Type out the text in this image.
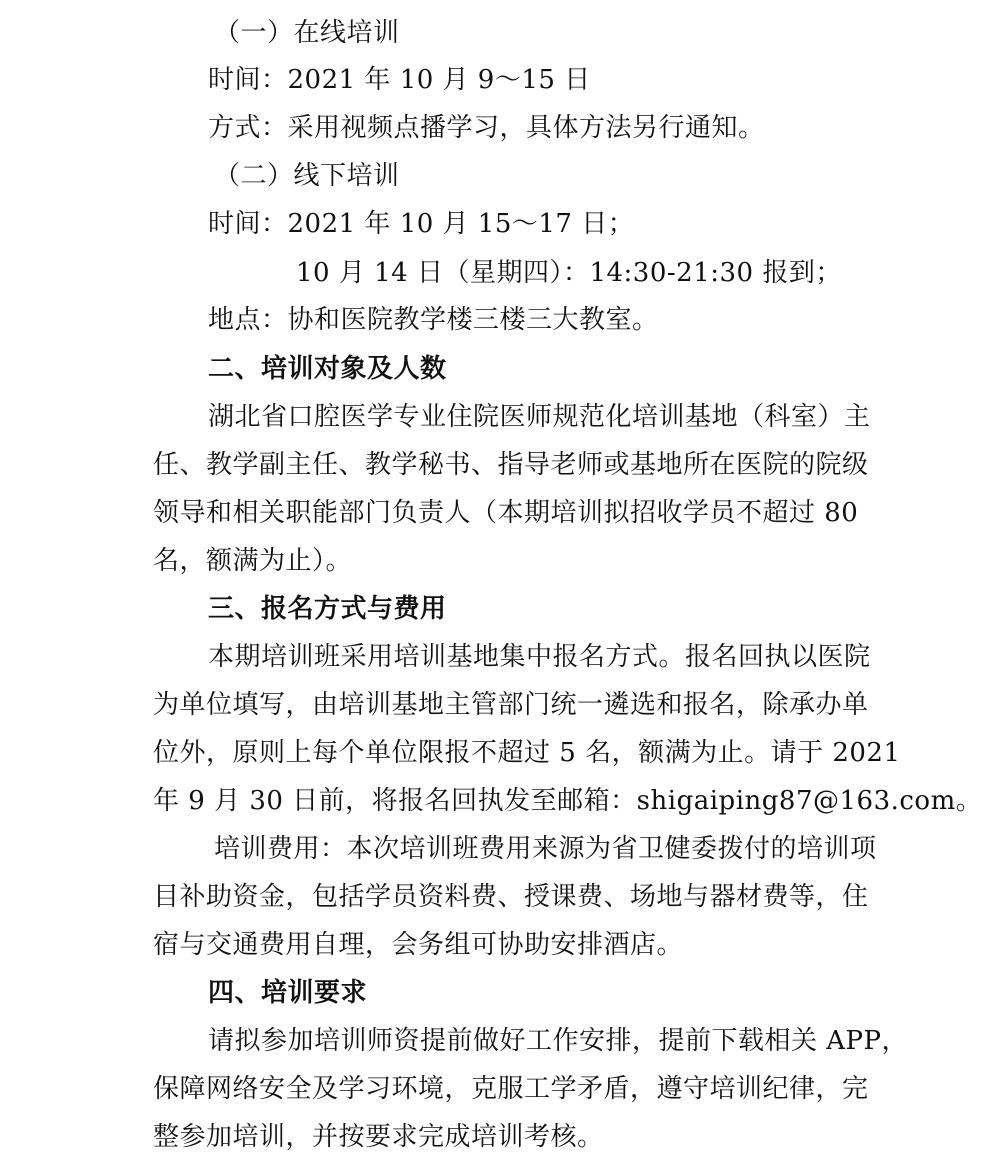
（一）在线培训
时间：2021 年 10 月 9～15 日
方式：采用视频点播学习，具体方法另行通知。
（二）线下培训
时间：2021 年 10 月 15～17 日；
10 月 14 日（星期四）：14:30-21:30 报到；
地点：协和医院教学楼三楼三大教室。
二、培训对象及人数
湖北省口腔医学专业住院医师规范化培训基地（科室）主
任、教学副主任、教学秘书、指导老师或基地所在医院的院级
领导和相关职能部门负责人（本期培训拟招收学员不超过 80
名，额满为止）。
三、报名方式与费用
本期培训班采用培训基地集中报名方式。报名回执以医院
为单位填写，由培训基地主管部门统一遴选和报名，除承办单
位外，原则上每个单位限报不超过 5 名，额满为止。请于 2021
年 9 月 30 日前，将报名回执发至邮箱：shigaiping87@163.com。
培训费用：本次培训班费用来源为省卫健委拨付的培训项
目补助资金，包括学员资料费、授课费、场地与器材费等，住
宿与交通费用自理，会务组可协助安排酒店。
四、培训要求
请拟参加培训师资提前做好工作安排，提前下载相关 APP，
保障网络安全及学习环境，克服工学矛盾，遵守培训纪律，完
整参加培训，并按要求完成培训考核。
